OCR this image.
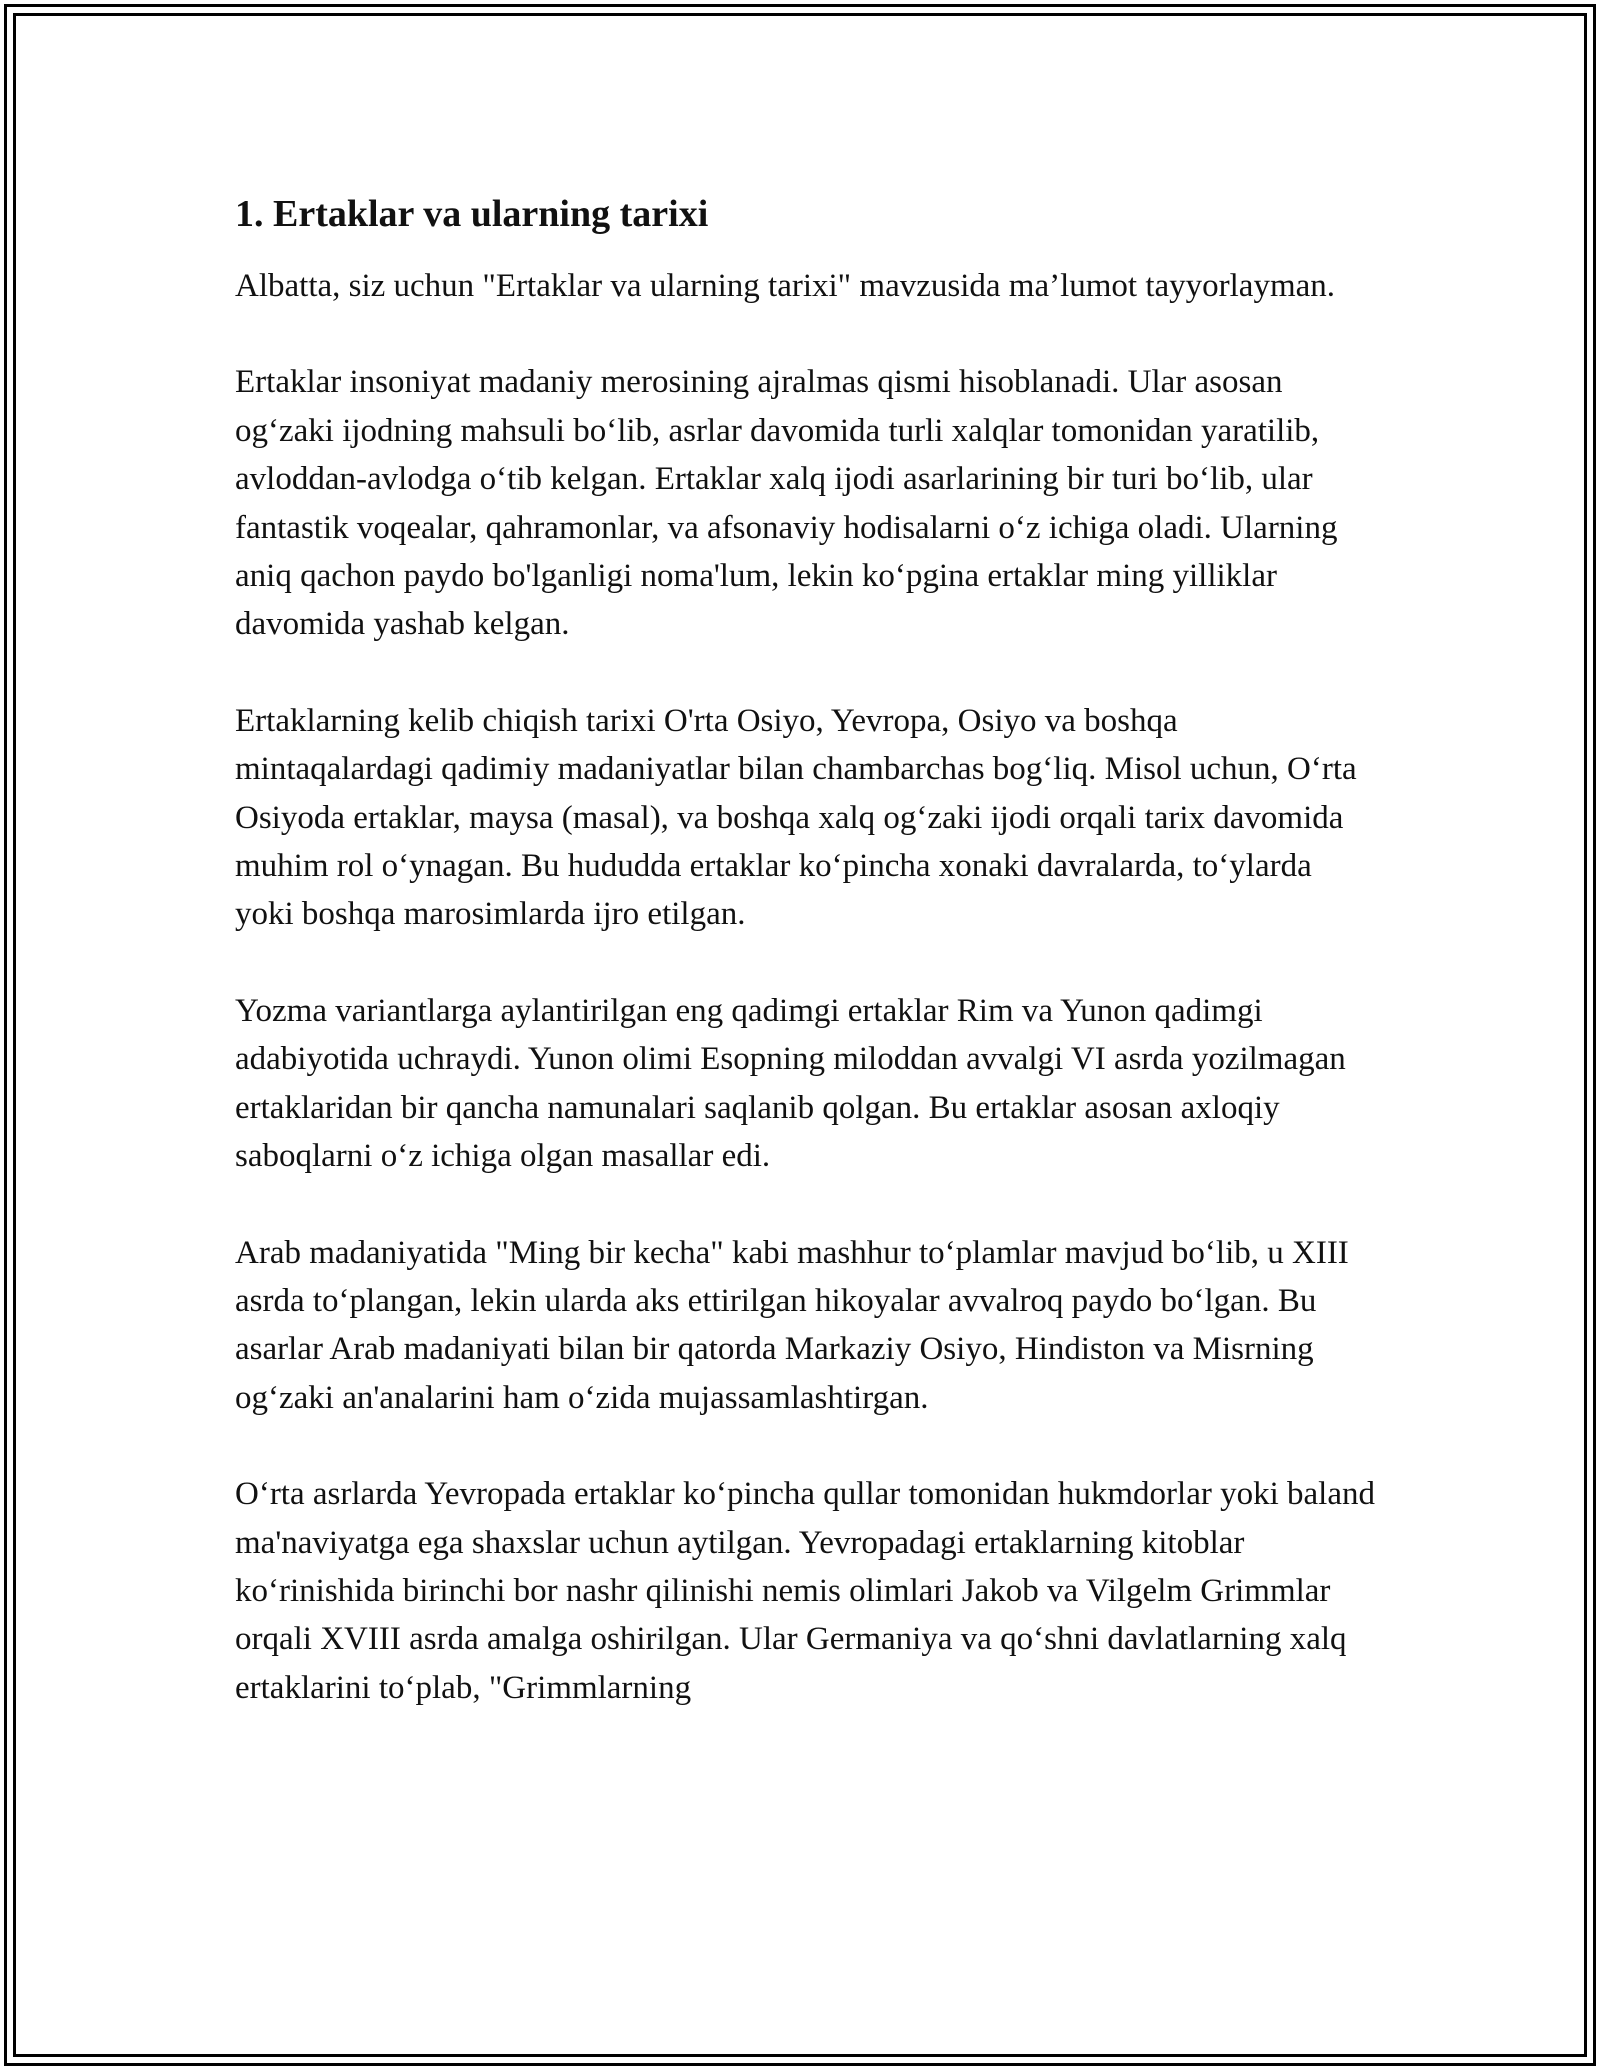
1. Ertaklar va ularning tarixi

Albatta, siz uchun "Ertaklar va ularning tarixi" mavzusida ma’lumot tayyorlayman.

Ertaklar insoniyat madaniy merosining ajralmas qismi hisoblanadi. Ular asosan og‘zaki ijodning mahsuli bo‘lib, asrlar davomida turli xalqlar tomonidan yaratilib, avloddan-avlodga o‘tib kelgan. Ertaklar xalq ijodi asarlarining bir turi bo‘lib, ular fantastik voqealar, qahramonlar, va afsonaviy hodisalarni o‘z ichiga oladi. Ularning aniq qachon paydo bo'lganligi noma'lum, lekin ko‘pgina ertaklar ming yilliklar davomida yashab kelgan.

Ertaklarning kelib chiqish tarixi O'rta Osiyo, Yevropa, Osiyo va boshqa mintaqalardagi qadimiy madaniyatlar bilan chambarchas bog‘liq. Misol uchun, O‘rta Osiyoda ertaklar, maysa (masal), va boshqa xalq og‘zaki ijodi orqali tarix davomida muhim rol o‘ynagan. Bu hududda ertaklar ko‘pincha xonaki davralarda, to‘ylarda yoki boshqa marosimlarda ijro etilgan.

Yozma variantlarga aylantirilgan eng qadimgi ertaklar Rim va Yunon qadimgi adabiyotida uchraydi. Yunon olimi Esopning miloddan avvalgi VI asrda yozilmagan ertaklaridan bir qancha namunalari saqlanib qolgan. Bu ertaklar asosan axloqiy saboqlarni o‘z ichiga olgan masallar edi.

Arab madaniyatida "Ming bir kecha" kabi mashhur to‘plamlar mavjud bo‘lib, u XIII asrda to‘plangan, lekin ularda aks ettirilgan hikoyalar avvalroq paydo bo‘lgan. Bu asarlar Arab madaniyati bilan bir qatorda Markaziy Osiyo, Hindiston va Misrning og‘zaki an'analarini ham o‘zida mujassamlashtirgan.

O‘rta asrlarda Yevropada ertaklar ko‘pincha qullar tomonidan hukmdorlar yoki baland ma'naviyatga ega shaxslar uchun aytilgan. Yevropadagi ertaklarning kitoblar ko‘rinishida birinchi bor nashr qilinishi nemis olimlari Jakob va Vilgelm Grimmlar orqali XVIII asrda amalga oshirilgan. Ular Germaniya va qo‘shni davlatlarning xalq ertaklarini to‘plab, "Grimmlarning
